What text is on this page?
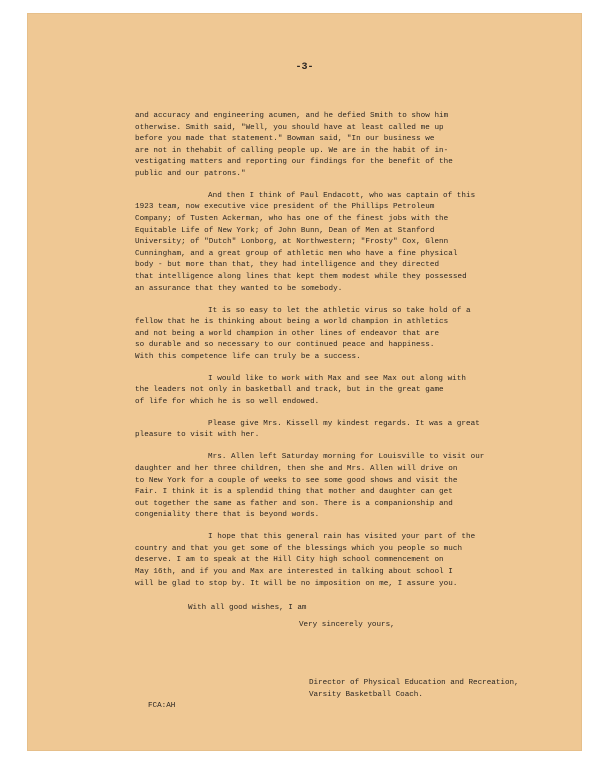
-3-

and accuracy and engineering acumen, and he defied Smith to show him
otherwise. Smith said, "Well, you should have at least called me up
before you made that statement." Bowman said, "In our business we
are not in thehabit of calling people up. We are in the habit of in-
vestigating matters and reporting our findings for the benefit of the
public and our patrons."

And then I think of Paul Endacott, who was captain of this
1923 team, now executive vice president of the Phillips Petroleum
Company; of Tusten Ackerman, who has one of the finest jobs with the
Equitable Life of New York; of John Bunn, Dean of Men at Stanford
University; of "Dutch" Lonborg, at Northwestern; "Frosty" Cox, Glenn
Cunningham, and a great group of athletic men who have a fine physical
body - but more than that, they had intelligence and they directed
that intelligence along lines that kept them modest while they possessed
an assurance that they wanted to be somebody.

It is so easy to let the athletic virus so take hold of a
fellow that he is thinking about being a world champion in athletics
and not being a world champion in other lines of endeavor that are
so durable and so necessary to our continued peace and happiness.
With this competence life can truly be a success.

I would like to work with Max and see Max out along with
the leaders not only in basketball and track, but in the great game
of life for which he is so well endowed.

Please give Mrs. Kissell my kindest regards. It was a great
pleasure to visit with her.

Mrs. Allen left Saturday morning for Louisville to visit our
daughter and her three children, then she and Mrs. Allen will drive on
to New York for a couple of weeks to see some good shows and visit the
Fair. I think it is a splendid thing that mother and daughter can get
out together the same as father and son. There is a companionship and
congeniality there that is beyond words.

I hope that this general rain has visited your part of the
country and that you get some of the blessings which you people so much
deserve. I am to speak at the Hill City high school commencement on
May 16th, and if you and Max are interested in talking about school I
will be glad to stop by. It will be no imposition on me, I assure you.

With all good wishes, I am

Very sincerely yours,

Director of Physical Education and Recreation,
Varsity Basketball Coach.
FCA:AH
